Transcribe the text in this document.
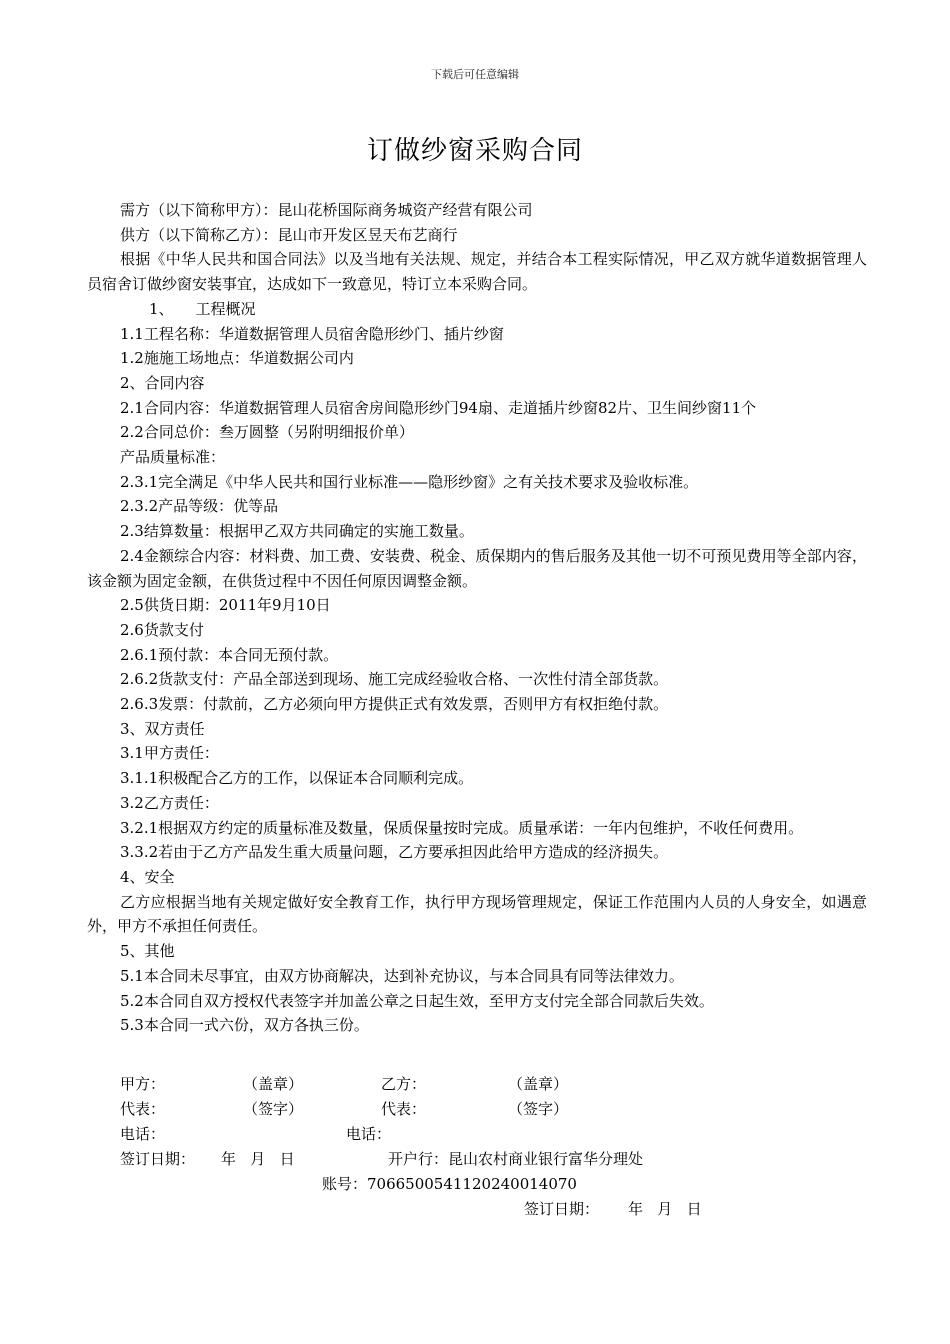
下载后可任意编辑
订做纱窗采购合同

需方（以下简称甲方）：昆山花桥国际商务城资产经营有限公司

供方（以下简称乙方）：昆山市开发区昱天布艺商行

根据《中华人民共和国合同法》以及当地有关法规、规定，并结合本工程实际情况，甲乙双方就华道数据管理人员宿舍订做纱窗安装事宜，达成如下一致意见，特订立本采购合同。

1、 工程概况

1.1工程名称：华道数据管理人员宿舍隐形纱门、插片纱窗

1.2施施工场地点：华道数据公司内

2、合同内容

2.1合同内容：华道数据管理人员宿舍房间隐形纱门94扇、走道插片纱窗82片、卫生间纱窗11个

2.2合同总价：叁万圆整（另附明细报价单）

产品质量标准：

2.3.1完全满足《中华人民共和国行业标准——隐形纱窗》之有关技术要求及验收标准。

2.3.2产品等级：优等品

2.3结算数量：根据甲乙双方共同确定的实施工数量。

2.4金额综合内容：材料费、加工费、安装费、税金、质保期内的售后服务及其他一切不可预见费用等全部内容，该金额为固定金额，在供货过程中不因任何原因调整金额。

2.5供货日期：2011年9月10日

2.6货款支付

2.6.1预付款：本合同无预付款。

2.6.2货款支付：产品全部送到现场、施工完成经验收合格、一次性付清全部货款。

2.6.3发票：付款前，乙方必须向甲方提供正式有效发票，否则甲方有权拒绝付款。

3、双方责任

3.1甲方责任：

3.1.1积极配合乙方的工作，以保证本合同顺利完成。

3.2乙方责任：

3.2.1根据双方约定的质量标准及数量，保质保量按时完成。质量承诺：一年内包维护，不收任何费用。

3.3.2若由于乙方产品发生重大质量问题，乙方要承担因此给甲方造成的经济损失。

4、安全

乙方应根据当地有关规定做好安全教育工作，执行甲方现场管理规定，保证工作范围内人员的人身安全，如遇意外，甲方不承担任何责任。

5、其他

5.1本合同未尽事宜，由双方协商解决，达到补充协议，与本合同具有同等法律效力。

5.2本合同自双方授权代表签字并加盖公章之日起生效，至甲方支付完全部合同款后失效。

5.3本合同一式六份，双方各执三份。

甲方：	（盖章）	乙方：	（盖章）
代表：	（签字）	代表：	（签字）
电话：	电话：
签订日期： 年   月   日	开户行：昆山农村商业银行富华分理处
账号：7066500541120240014070
签订日期： 年   月   日
